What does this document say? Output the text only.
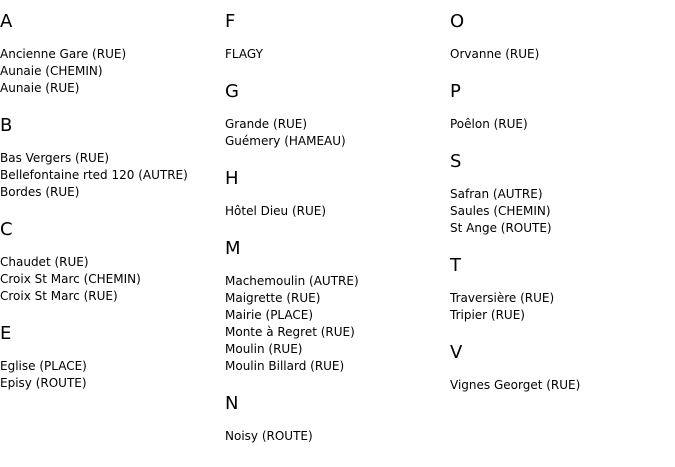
A
Ancienne Gare (RUE)
Aunaie (CHEMIN)
Aunaie (RUE)
B
Bas Vergers (RUE)
Bellefontaine rted 120 (AUTRE)
Bordes (RUE)
C
Chaudet (RUE)
Croix St Marc (CHEMIN)
Croix St Marc (RUE)
E
Eglise (PLACE)
Episy (ROUTE)
F
FLAGY
G
Grande (RUE)
Guémery (HAMEAU)
H
Hôtel Dieu (RUE)
M
Machemoulin (AUTRE)
Maigrette (RUE)
Mairie (PLACE)
Monte à Regret (RUE)
Moulin (RUE)
Moulin Billard (RUE)
N
Noisy (ROUTE)
O
Orvanne (RUE)
P
Poêlon (RUE)
S
Safran (AUTRE)
Saules (CHEMIN)
St Ange (ROUTE)
T
Traversière (RUE)
Tripier (RUE)
V
Vignes Georget (RUE)
